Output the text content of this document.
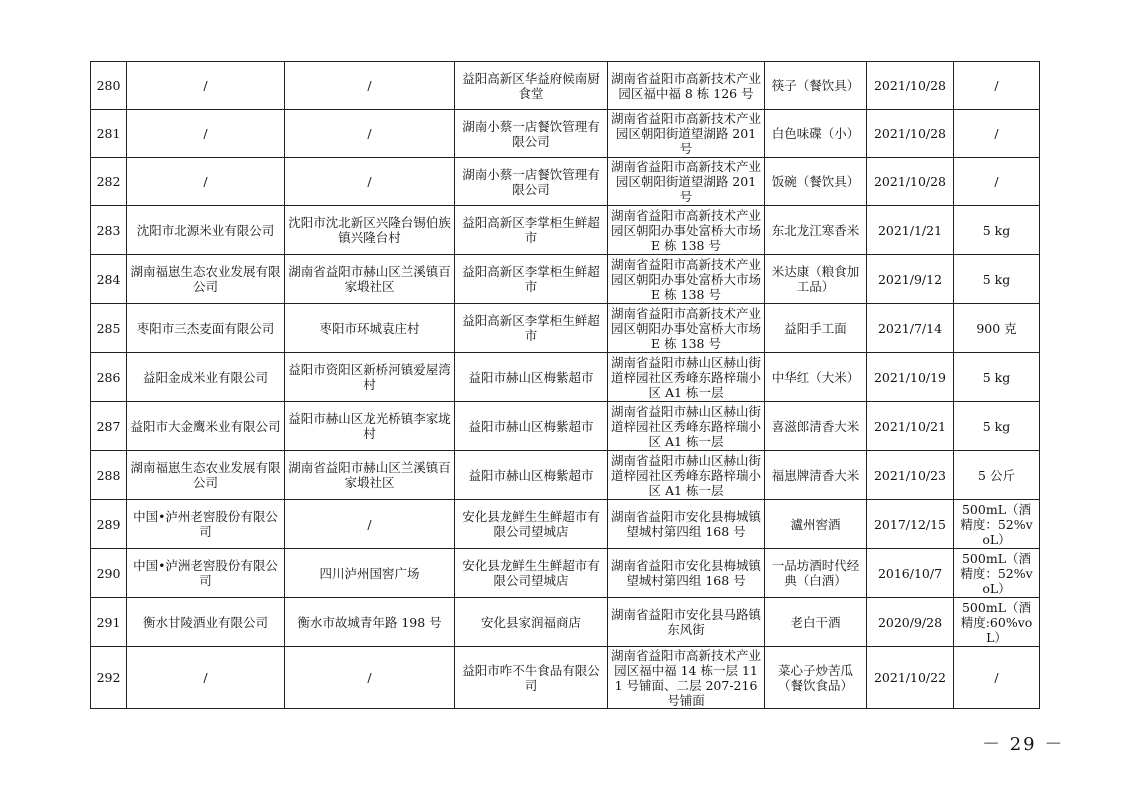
280	/	/	益阳高新区华益府候南厨食堂	湖南省益阳市高新技术产业园区福中福 8 栋 126 号	筷子（餐饮具）	2021/10/28	/
281	/	/	湖南小蔡一店餐饮管理有限公司	湖南省益阳市高新技术产业园区朝阳街道望湖路 201 号	白色味碟（小）	2021/10/28	/
282	/	/	湖南小蔡一店餐饮管理有限公司	湖南省益阳市高新技术产业园区朝阳街道望湖路 201 号	饭碗（餐饮具）	2021/10/28	/
283	沈阳市北源米业有限公司	沈阳市沈北新区兴隆台锡伯族镇兴隆台村	益阳高新区李掌柜生鲜超市	湖南省益阳市高新技术产业园区朝阳办事处富桥大市场 E 栋 138 号	东北龙江寒香米	2021/1/21	5 kg
284	湖南福崽生态农业发展有限公司	湖南省益阳市赫山区兰溪镇百家塅社区	益阳高新区李掌柜生鲜超市	湖南省益阳市高新技术产业园区朝阳办事处富桥大市场 E 栋 138 号	米达康（粮食加工品）	2021/9/12	5 kg
285	枣阳市三杰麦面有限公司	枣阳市环城袁庄村	益阳高新区李掌柜生鲜超市	湖南省益阳市高新技术产业园区朝阳办事处富桥大市场 E 栋 138 号	益阳手工面	2021/7/14	900 克
286	益阳金成米业有限公司	益阳市资阳区新桥河镇爱屋湾村	益阳市赫山区梅紫超市	湖南省益阳市赫山区赫山街道梓园社区秀峰东路梓瑞小区 A1 栋一层	中华红（大米）	2021/10/19	5 kg
287	益阳市大金鹰米业有限公司	益阳市赫山区龙光桥镇李家垅村	益阳市赫山区梅紫超市	湖南省益阳市赫山区赫山街道梓园社区秀峰东路梓瑞小区 A1 栋一层	喜滋郎清香大米	2021/10/21	5 kg
288	湖南福崽生态农业发展有限公司	湖南省益阳市赫山区兰溪镇百家塅社区	益阳市赫山区梅紫超市	湖南省益阳市赫山区赫山街道梓园社区秀峰东路梓瑞小区 A1 栋一层	福崽牌清香大米	2021/10/23	5 公斤
289	中国•泸州老窖股份有限公司	/	安化县龙鲜生生鲜超市有限公司望城店	湖南省益阳市安化县梅城镇望城村第四组 168 号	瀘州窖酒	2017/12/15	500mL（酒精度：52%voL）
290	中国•泸洲老窖股份有限公司	四川泸州国窖广场	安化县龙鲜生生鲜超市有限公司望城店	湖南省益阳市安化县梅城镇望城村第四组 168 号	一品坊酒时代经典（白酒）	2016/10/7	500mL（酒精度：52%voL）
291	衡水甘陵酒业有限公司	衡水市故城青年路 198 号	安化县家润福商店	湖南省益阳市安化县马路镇东风街	老白干酒	2020/9/28	500mL（酒精度:60%voL）
292	/	/	益阳市咋不牛食品有限公司	湖南省益阳市高新技术产业园区福中福 14 栋一层 111 号铺面、二层 207-216 号铺面	菜心子炒苦瓜（餐饮食品）	2021/10/22	/
－ 29 －
